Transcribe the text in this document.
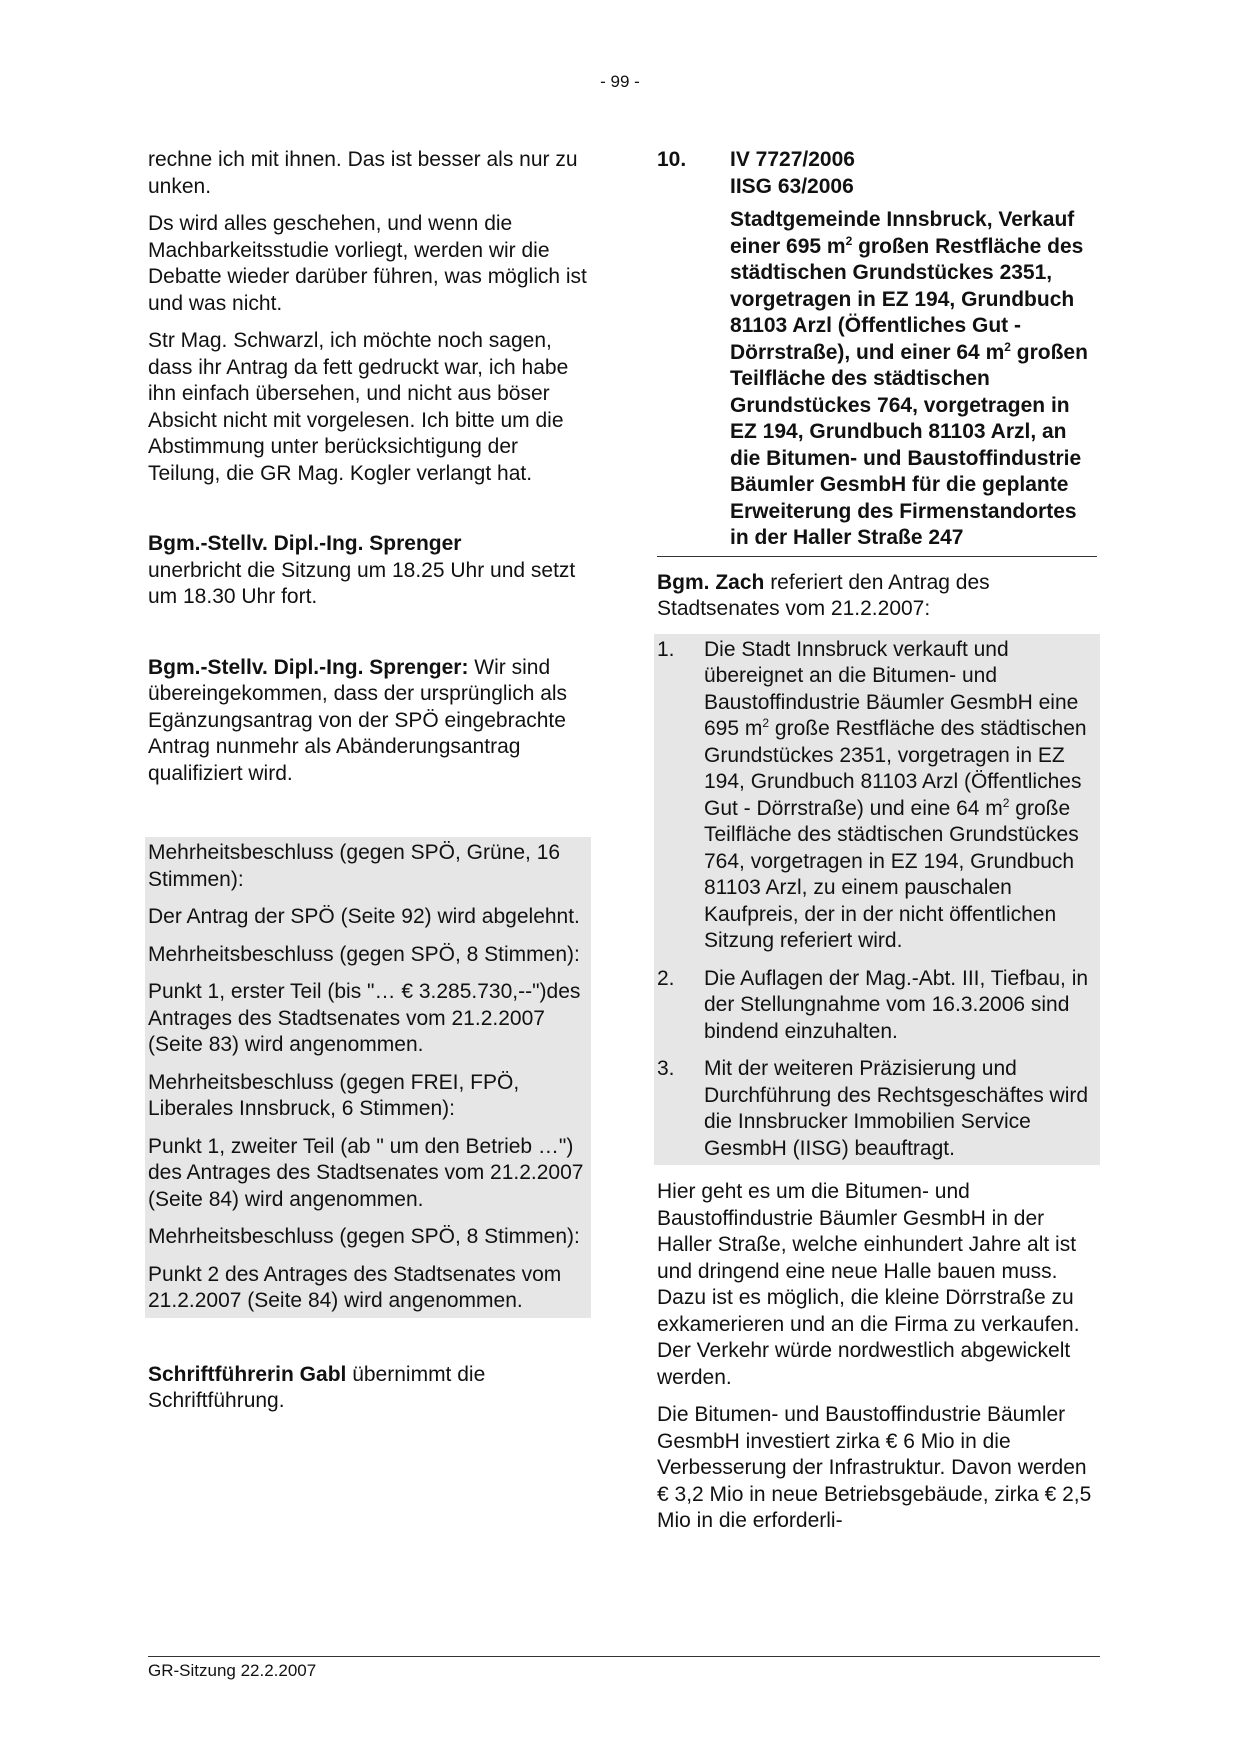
- 99 -

rechne ich mit ihnen. Das ist besser als nur zu unken.

Ds wird alles geschehen, und wenn die Machbarkeitsstudie vorliegt, werden wir die Debatte wieder darüber führen, was möglich ist und was nicht.

Str Mag. Schwarzl, ich möchte noch sagen, dass ihr Antrag da fett gedruckt war, ich habe ihn einfach übersehen, und nicht aus böser Absicht nicht mit vorgelesen. Ich bitte um die Abstimmung unter berücksichtigung der Teilung, die GR Mag. Kogler verlangt hat.

Bgm.-Stellv. Dipl.-Ing. Sprenger
unerbricht die Sitzung um 18.25 Uhr und setzt um 18.30 Uhr fort.

Bgm.-Stellv. Dipl.-Ing. Sprenger: Wir sind übereingekommen, dass der ursprünglich als Egänzungsantrag von der SPÖ eingebrachte Antrag nunmehr als Abänderungsantrag qualifiziert wird.

Mehrheitsbeschluss (gegen SPÖ, Grüne, 16 Stimmen):

Der Antrag der SPÖ (Seite 92) wird abgelehnt.

Mehrheitsbeschluss (gegen SPÖ, 8 Stimmen):

Punkt 1, erster Teil (bis "… € 3.285.730,--")des Antrages des Stadtsenates vom 21.2.2007 (Seite 83) wird angenommen.

Mehrheitsbeschluss (gegen FREI, FPÖ, Liberales Innsbruck, 6 Stimmen):

Punkt 1, zweiter Teil (ab " um den Betrieb …") des Antrages des Stadtsenates vom 21.2.2007 (Seite 84) wird angenommen.

Mehrheitsbeschluss (gegen SPÖ, 8 Stimmen):

Punkt 2 des Antrages des Stadtsenates vom 21.2.2007 (Seite 84) wird angenommen.

Schriftführerin Gabl übernimmt die Schriftführung.

10.	IV 7727/2006
IISG 63/2006
Stadtgemeinde Innsbruck, Verkauf einer 695 $m^2$ großen Restfläche des städtischen Grundstückes 2351, vorgetragen in EZ 194, Grundbuch 81103 Arzl (Öffentliches Gut - Dörrstraße), und einer 64 $m^2$ großen Teilfläche des städtischen Grundstückes 764, vorgetragen in EZ 194, Grundbuch 81103 Arzl, an die Bitumen- und Baustoffindustrie Bäumler GesmbH für die geplante Erweiterung des Firmenstandortes in der Haller Straße 247

Bgm. Zach referiert den Antrag des Stadtsenates vom 21.2.2007:

1.	Die Stadt Innsbruck verkauft und übereignet an die Bitumen- und Baustoffindustrie Bäumler GesmbH eine 695 $m^2$ große Restfläche des städtischen Grundstückes 2351, vorgetragen in EZ 194, Grundbuch 81103 Arzl (Öffentliches Gut - Dörrstraße) und eine 64 $m^2$ große Teilfläche des städtischen Grundstückes 764, vorgetragen in EZ 194, Grundbuch 81103 Arzl, zu einem pauschalen Kaufpreis, der in der nicht öffentlichen Sitzung referiert wird.
2.	Die Auflagen der Mag.-Abt. III, Tiefbau, in der Stellungnahme vom 16.3.2006 sind bindend einzuhalten.
3.	Mit der weiteren Präzisierung und Durchführung des Rechtsgeschäftes wird die Innsbrucker Immobilien Service GesmbH (IISG) beauftragt.

Hier geht es um die Bitumen- und Baustoffindustrie Bäumler GesmbH in der Haller Straße, welche einhundert Jahre alt ist und dringend eine neue Halle bauen muss. Dazu ist es möglich, die kleine Dörrstraße zu exkamerieren und an die Firma zu verkaufen. Der Verkehr würde nordwestlich abgewickelt werden.

Die Bitumen- und Baustoffindustrie Bäumler GesmbH investiert zirka € 6 Mio in die Verbesserung der Infrastruktur. Davon werden € 3,2 Mio in neue Betriebsgebäude, zirka € 2,5 Mio in die erforderli-

GR-Sitzung 22.2.2007
